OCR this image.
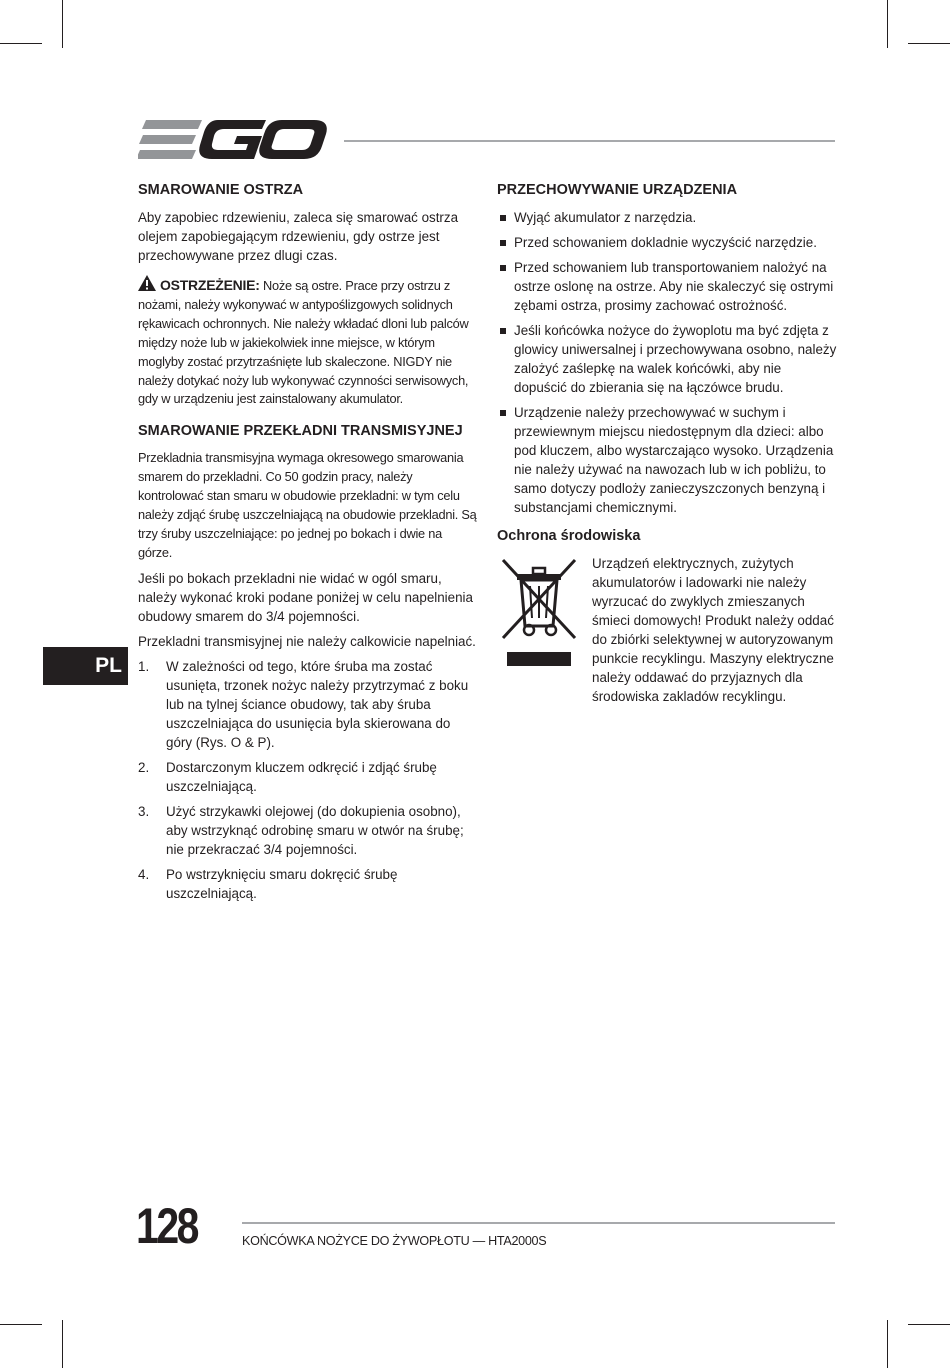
SMAROWANIE OSTRZA

Aby zapobiec rdzewieniu, zaleca się smarować ostrza olejem zapobiegającym rdzewieniu, gdy ostrze jest przechowywane przez dlugi czas.

OSTRZEŻENIE: Noże są ostre. Prace przy ostrzu z nożami, należy wykonywać w antypoślizgowych solidnych rękawicach ochronnych. Nie należy wkładać dloni lub palców między noże lub w jakiekolwiek inne miejsce, w którym moglyby zostać przytrzaśnięte lub skaleczone. NIGDY nie należy dotykać noży lub wykonywać czynności serwisowych, gdy w urządzeniu jest zainstalowany akumulator.

SMAROWANIE PRZEKŁADNI TRANSMISYJNEJ

Przekladnia transmisyjna wymaga okresowego smarowania smarem do przekladni. Co 50 godzin pracy, należy kontrolować stan smaru w obudowie przekladni: w tym celu należy zdjąć śrubę uszczelniającą na obudowie przekladni. Są trzy śruby uszczelniające: po jednej po bokach i dwie na górze.

Jeśli po bokach przekladni nie widać w ogól smaru, należy wykonać kroki podane poniżej w celu napelnienia obudowy smarem do 3/4 pojemności.

Przekladni transmisyjnej nie należy calkowicie napelniać.

1. W zależności od tego, które śruba ma zostać usunięta, trzonek nożyc należy przytrzymać z boku lub na tylnej ściance obudowy, tak aby śruba uszczelniająca do usunięcia byla skierowana do góry (Rys. O & P).
2. Dostarczonym kluczem odkręcić i zdjąć śrubę uszczelniającą.
3. Użyć strzykawki olejowej (do dokupienia osobno), aby wstrzyknąć odrobinę smaru w otwór na śrubę; nie przekraczać 3/4 pojemności.
4. Po wstrzyknięciu smaru dokręcić śrubę uszczelniającą.
PRZECHOWYWANIE URZĄDZENIA
Wyjąć akumulator z narzędzia.
Przed schowaniem dokladnie wyczyścić narzędzie.
Przed schowaniem lub transportowaniem nalożyć na ostrze oslonę na ostrze. Aby nie skaleczyć się ostrymi zębami ostrza, prosimy zachować ostrożność.
Jeśli końcówka nożyce do żywoplotu ma być zdjęta z glowicy uniwersalnej i przechowywana osobno, należy zalożyć zaślepkę na walek końcówki, aby nie dopuścić do zbierania się na łączówce brudu.
Urządzenie należy przechowywać w suchym i przewiewnym miejscu niedostępnym dla dzieci: albo pod kluczem, albo wystarczająco wysoko. Urządzenia nie należy używać na nawozach lub w ich pobliżu, to samo dotyczy podloży zanieczyszczonych benzyną i substancjami chemicznymi.
Ochrona środowiska

Urządzeń elektrycznych, zużytych akumulatorów i ladowarki nie należy wyrzucać do zwyklych zmieszanych śmieci domowych! Produkt należy oddać do zbiórki selektywnej w autoryzowanym punkcie recyklingu. Maszyny elektryczne należy oddawać do przyjaznych dla środowiska zakladów recyklingu.

PL
128	KOŃCÓWKA NOŻYCE DO ŻYWOPŁOTU — HTA2000S
